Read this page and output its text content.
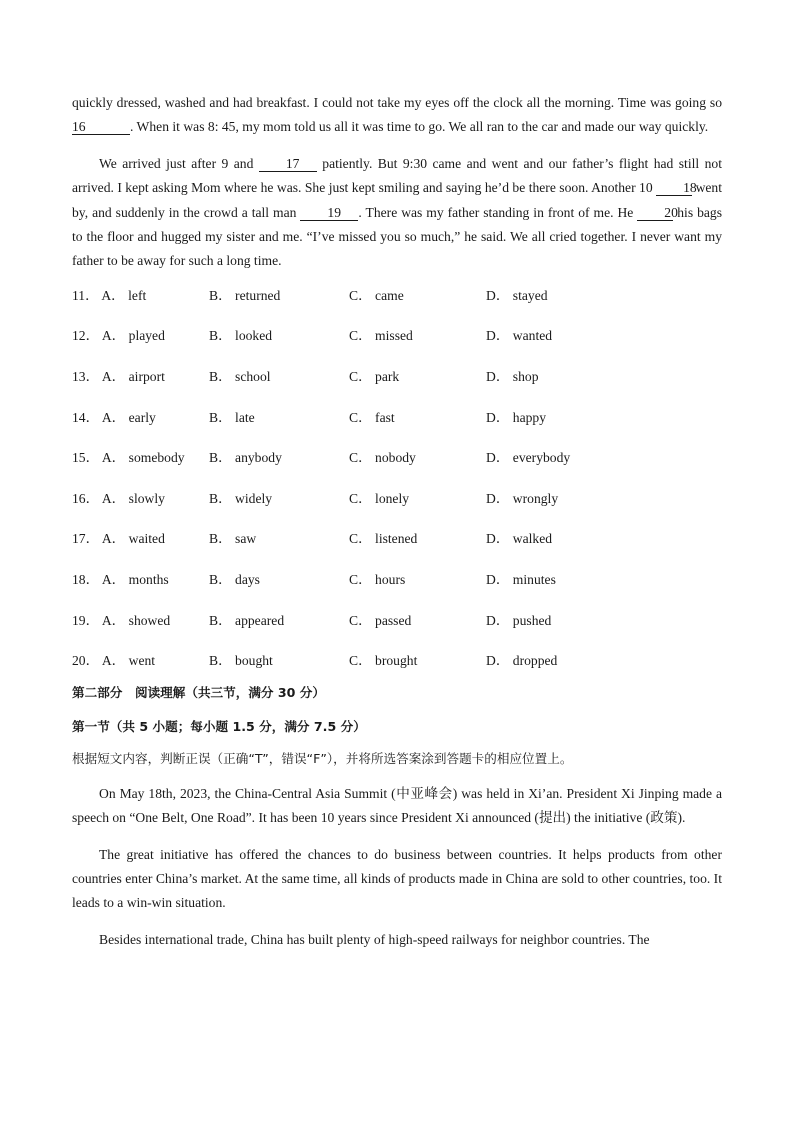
quickly dressed, washed and had breakfast. I could not take my eyes off the clock all the morning. Time was going so 16	. When it was 8: 45, my mom told us all it was time to go. We all ran to the car and made our way quickly.

We arrived just after 9 and 17 patiently. But 9:30 came and went and our father’s flight had still not arrived. I kept asking Mom where he was. She just kept smiling and saying he’d be there soon. Another 10 18 went by, and suddenly in the crowd a tall man 19 . There was my father standing in front of me. He 20 his bags to the floor and hugged my sister and me. “I’ve missed you so much,” he said. We all cried together. I never want my father to be away for such a long time.

11． A． left	B． returned	C． came	D． stayed
12． A． played	B． looked	C． missed	D． wanted
13． A． airport	B． school	C． park	D． shop
14． A． early	B． late	C． fast	D． happy
15． A． somebody B． anybody	C． nobody	D． everybody
16． A． slowly	B． widely	C． lonely	D． wrongly
17． A． waited	B． saw	C． listened	D． walked
18． A． months	B． days	C． hours	D． minutes
19． A． showed	B． appeared	C． passed	D． pushed
20． A． went	B． bought	C． brought	D． dropped

第二部分　阅读理解（共三节，满分 30 分）

第一节（共 5 小题；每小题 1.5 分，满分 7.5 分）

根据短文内容，判断正误（正确“T”，错误“F”），并将所选答案涂到答题卡的相应位置上。

On May 18th, 2023, the China-Central Asia Summit (中亚峰会) was held in Xi’an. President Xi Jinping made a speech on “One Belt, One Road”. It has been 10 years since President Xi announced (提出) the initiative (政策).

The great initiative has offered the chances to do business between countries. It helps products from other countries enter China’s market. At the same time, all kinds of products made in China are sold to other countries, too. It leads to a win-win situation.

Besides international trade, China has built plenty of high-speed railways for neighbor countries. The
